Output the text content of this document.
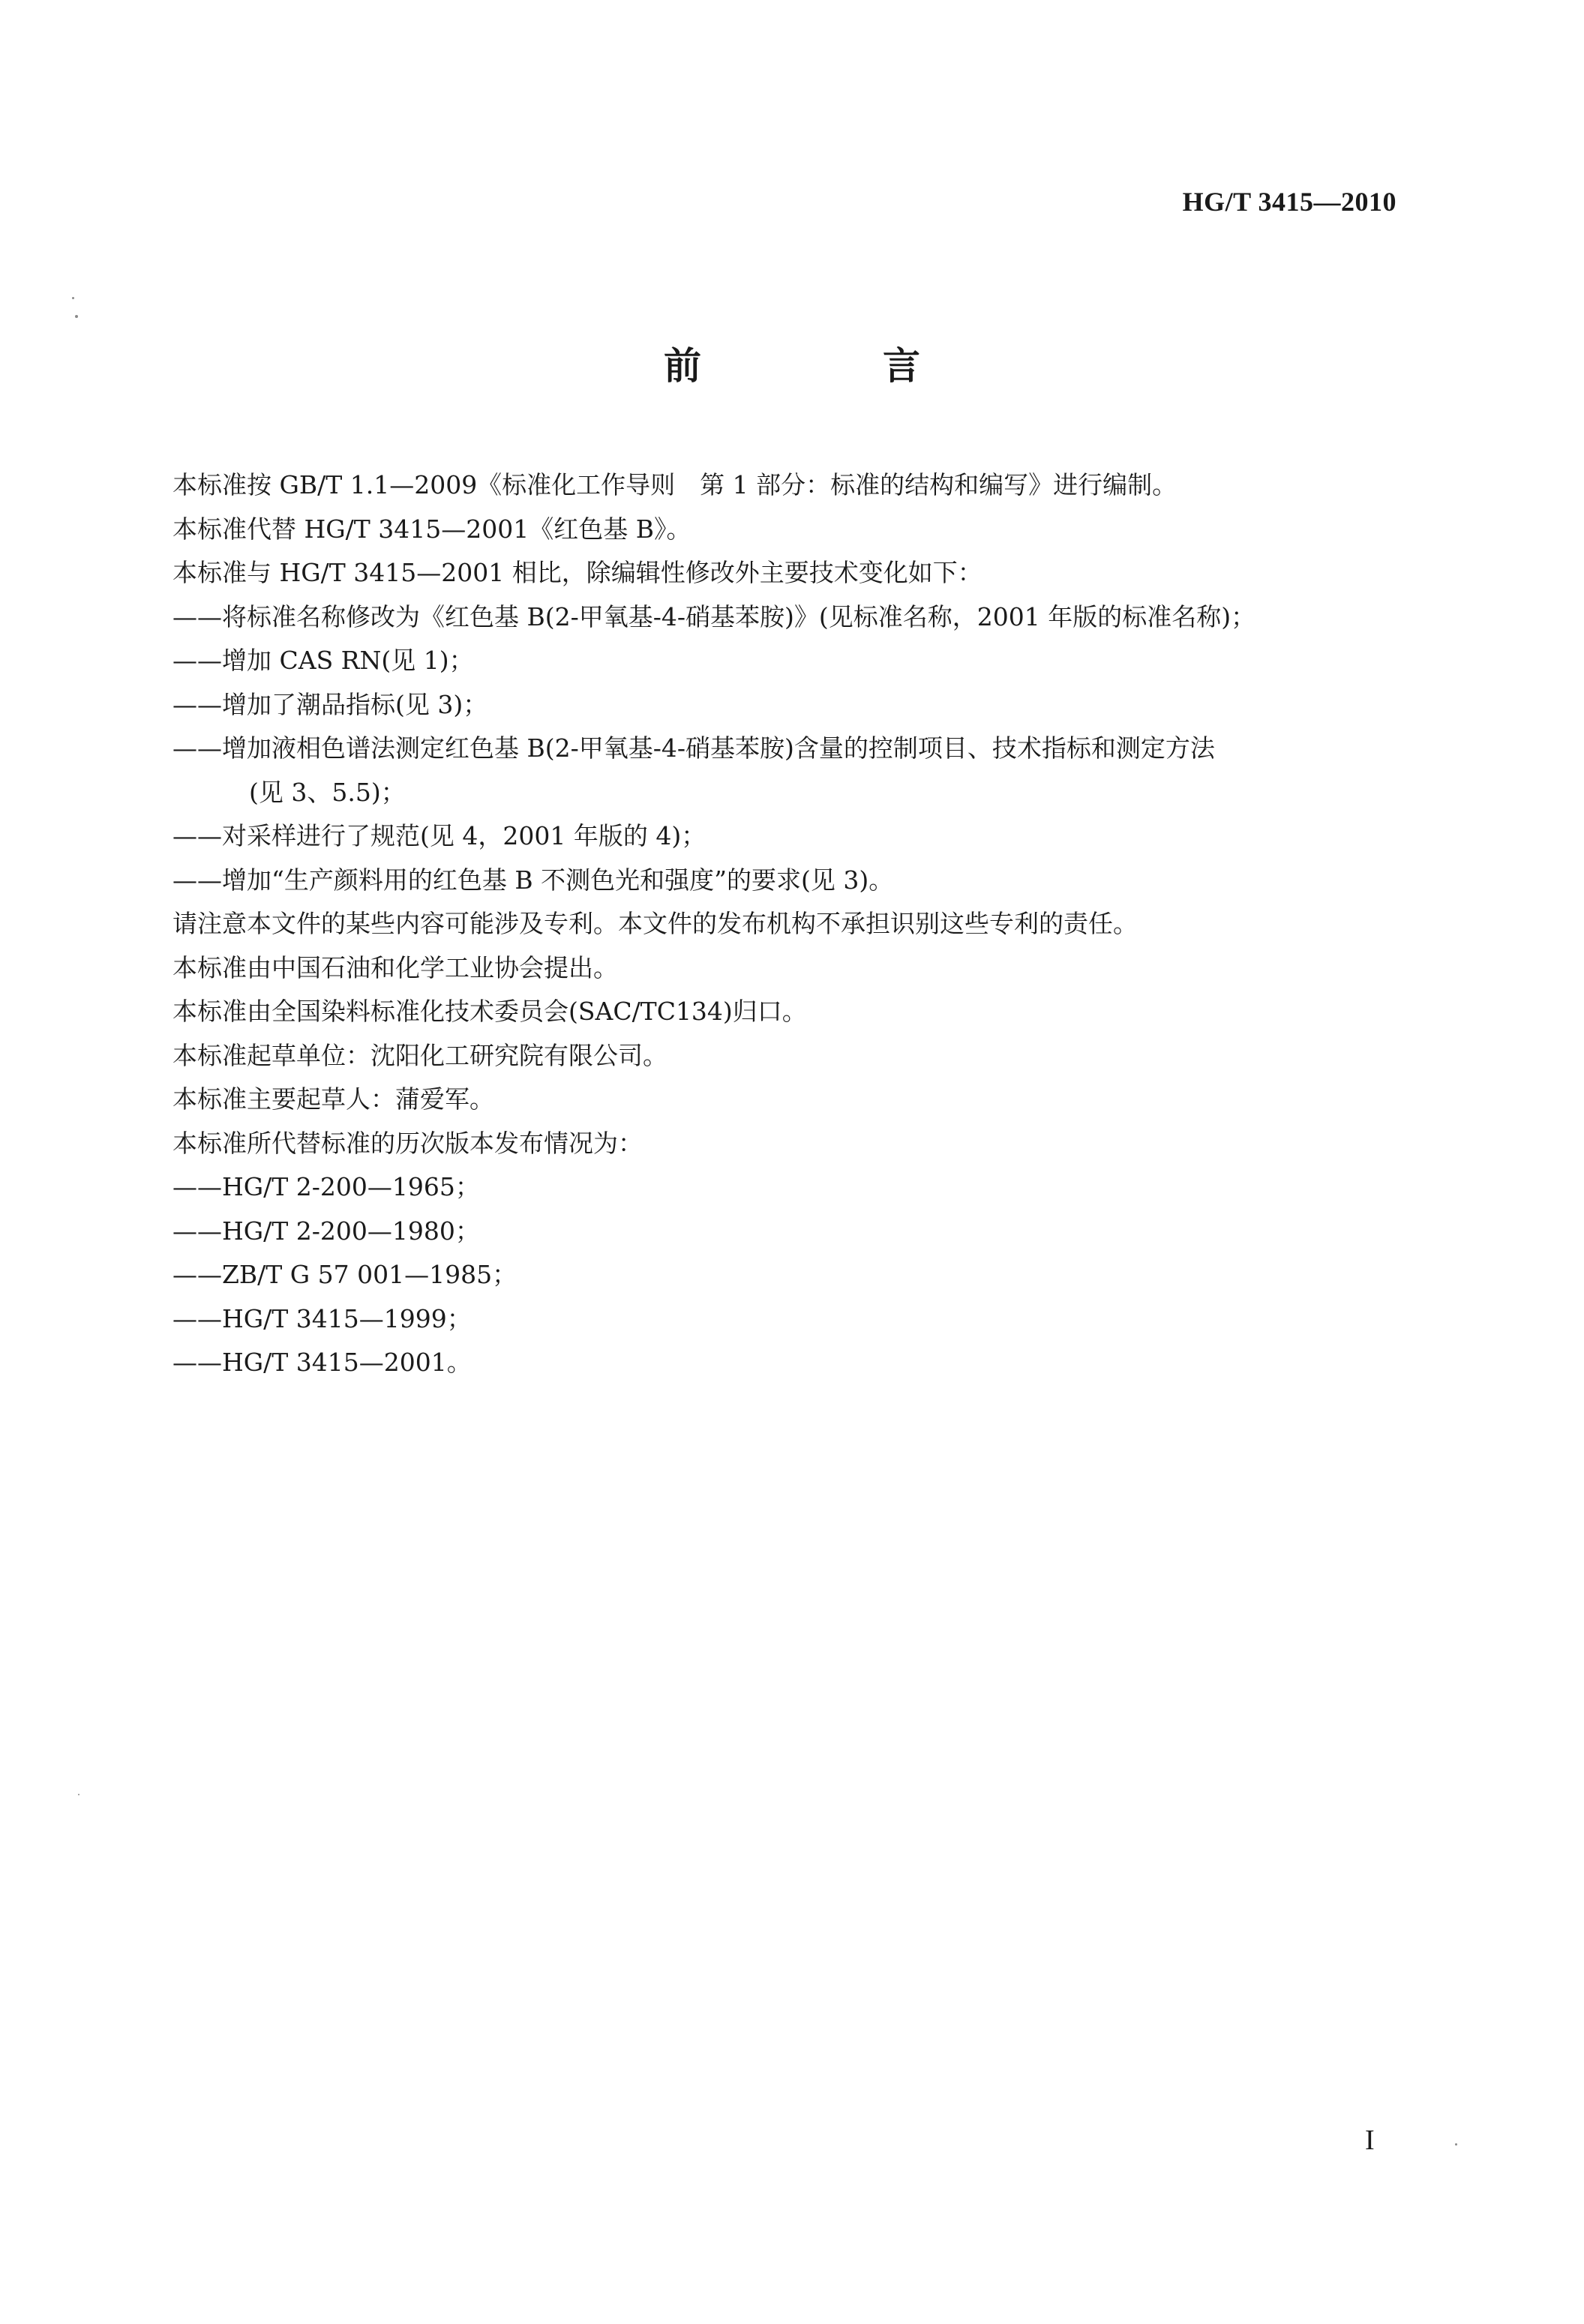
HG/T 3415—2010
前　言
本标准按 GB/T 1.1—2009《标准化工作导则　第 1 部分：标准的结构和编写》进行编制。
本标准代替 HG/T 3415—2001《红色基 B》。
本标准与 HG/T 3415—2001 相比，除编辑性修改外主要技术变化如下：
——将标准名称修改为《红色基 B(2-甲氧基-4-硝基苯胺)》(见标准名称，2001 年版的标准名称)；
——增加 CAS RN(见 1)；
——增加了潮品指标(见 3)；
——增加液相色谱法测定红色基 B(2-甲氧基-4-硝基苯胺)含量的控制项目、技术指标和测定方法
(见 3、5.5)；
——对采样进行了规范(见 4，2001 年版的 4)；
——增加“生产颜料用的红色基 B 不测色光和强度”的要求(见 3)。
请注意本文件的某些内容可能涉及专利。本文件的发布机构不承担识别这些专利的责任。
本标准由中国石油和化学工业协会提出。
本标准由全国染料标准化技术委员会(SAC/TC134)归口。
本标准起草单位：沈阳化工研究院有限公司。
本标准主要起草人：蒲爱军。
本标准所代替标准的历次版本发布情况为：
——HG/T 2-200—1965；
——HG/T 2-200—1980；
——ZB/T G 57 001—1985；
——HG/T 3415—1999；
——HG/T 3415—2001。
I
